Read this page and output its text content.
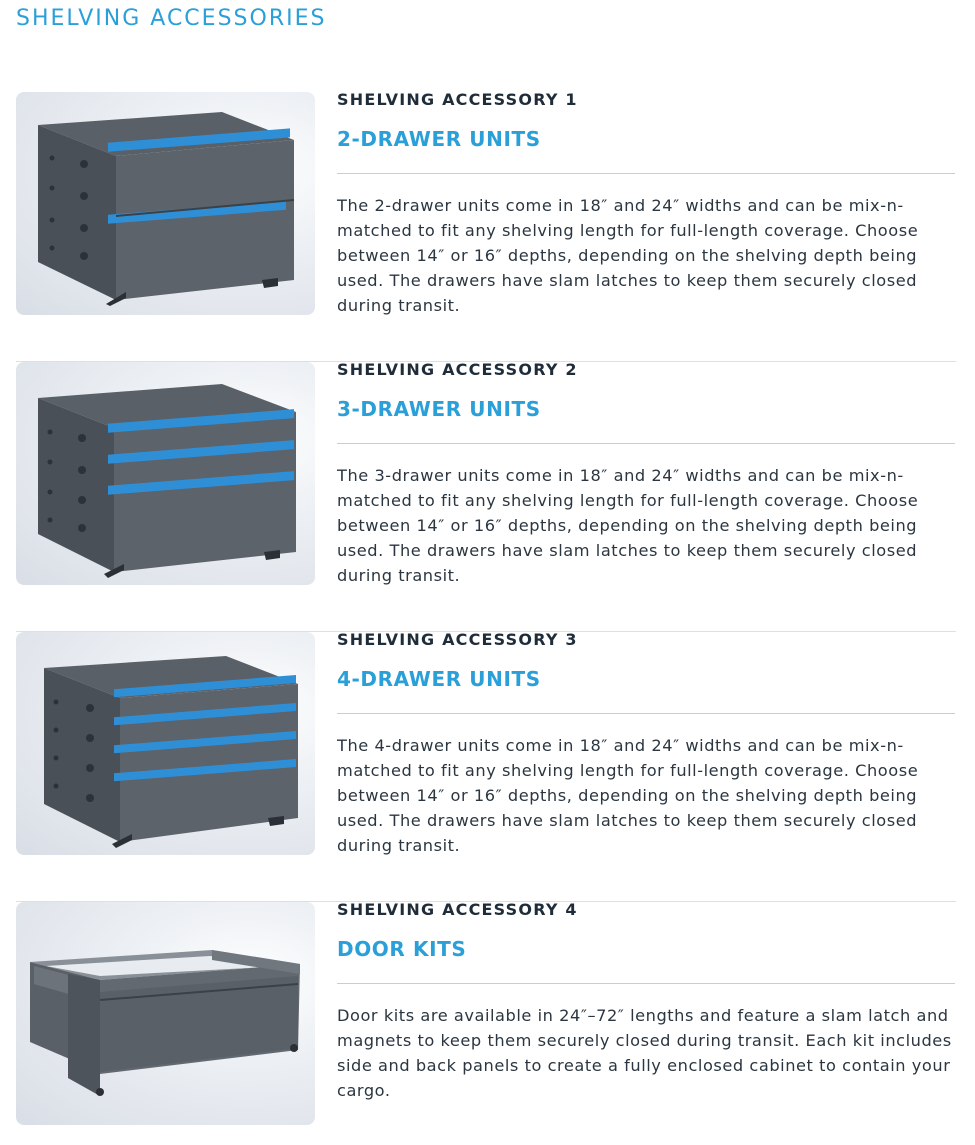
SHELVING ACCESSORIES
SHELVING ACCESSORY 1
2-DRAWER UNITS

The 2-drawer units come in 18″ and 24″ widths and can be mix-n-matched to fit any shelving length for full-length coverage. Choose between 14″ or 16″ depths, depending on the shelving depth being used. The drawers have slam latches to keep them securely closed during transit.

SHELVING ACCESSORY 2
3-DRAWER UNITS

The 3-drawer units come in 18″ and 24″ widths and can be mix-n-matched to fit any shelving length for full-length coverage. Choose between 14″ or 16″ depths, depending on the shelving depth being used. The drawers have slam latches to keep them securely closed during transit.

SHELVING ACCESSORY 3
4-DRAWER UNITS

The 4-drawer units come in 18″ and 24″ widths and can be mix-n-matched to fit any shelving length for full-length coverage. Choose between 14″ or 16″ depths, depending on the shelving depth being used. The drawers have slam latches to keep them securely closed during transit.

SHELVING ACCESSORY 4
DOOR KITS

Door kits are available in 24″–72″ lengths and feature a slam latch and magnets to keep them securely closed during transit. Each kit includes side and back panels to create a fully enclosed cabinet to contain your cargo.
